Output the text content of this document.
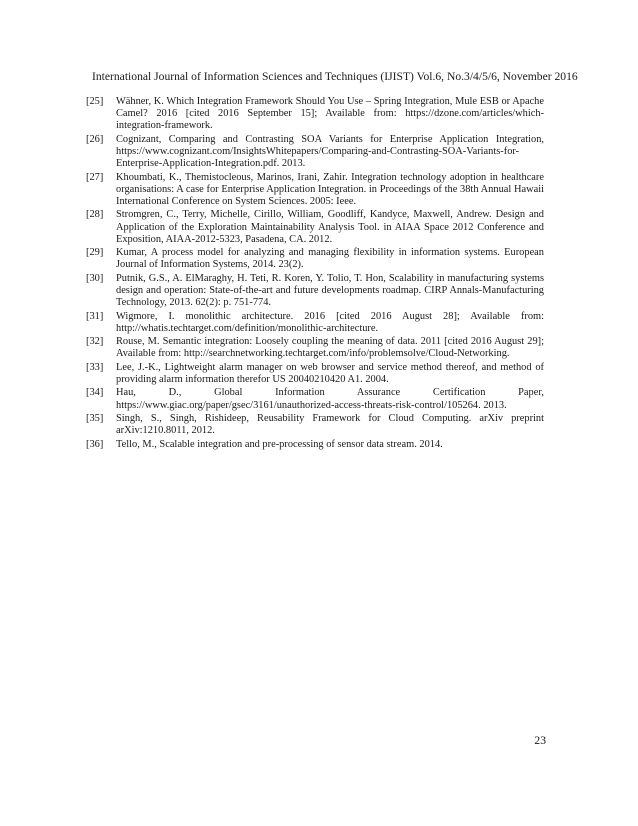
International Journal of Information Sciences and Techniques (IJIST) Vol.6, No.3/4/5/6, November 2016
[25]	Wähner, K. Which Integration Framework Should You Use – Spring Integration, Mule ESB or Apache Camel? 2016 [cited 2016 September 15]; Available from: https://dzone.com/articles/which-integration-framework.
[26]	Cognizant, Comparing and Contrasting SOA Variants for Enterprise Application Integration, https://www.cognizant.com/InsightsWhitepapers/Comparing-and-Contrasting-SOA-Variants-for-Enterprise-Application-Integration.pdf. 2013.
[27]	Khoumbati, K., Themistocleous, Marinos, Irani, Zahir. Integration technology adoption in healthcare organisations: A case for Enterprise Application Integration. in Proceedings of the 38th Annual Hawaii International Conference on System Sciences. 2005: Ieee.
[28]	Stromgren, C., Terry, Michelle, Cirillo, William, Goodliff, Kandyce, Maxwell, Andrew. Design and Application of the Exploration Maintainability Analysis Tool. in AIAA Space 2012 Conference and Exposition, AIAA-2012-5323, Pasadena, CA. 2012.
[29]	Kumar, A process model for analyzing and managing flexibility in information systems. European Journal of Information Systems, 2014. 23(2).
[30]	Putnik, G.S., A. ElMaraghy, H. Teti, R. Koren, Y. Tolio, T. Hon, Scalability in manufacturing systems design and operation: State-of-the-art and future developments roadmap. CIRP Annals-Manufacturing Technology, 2013. 62(2): p. 751-774.
[31]	Wigmore, I. monolithic architecture. 2016 [cited 2016 August 28]; Available from: http://whatis.techtarget.com/definition/monolithic-architecture.
[32]	Rouse, M. Semantic integration: Loosely coupling the meaning of data. 2011 [cited 2016 August 29]; Available from: http://searchnetworking.techtarget.com/info/problemsolve/Cloud-Networking.
[33]	Lee, J.-K., Lightweight alarm manager on web browser and service method thereof, and method of providing alarm information therefor US 20040210420 A1. 2004.
[34]	Hau, D., Global Information Assurance Certification Paper, https://www.giac.org/paper/gsec/3161/unauthorized-access-threats-risk-control/105264. 2013.
[35]	Singh, S., Singh, Rishideep, Reusability Framework for Cloud Computing. arXiv preprint arXiv:1210.8011, 2012.
[36]	Tello, M., Scalable integration and pre-processing of sensor data stream. 2014.
23
